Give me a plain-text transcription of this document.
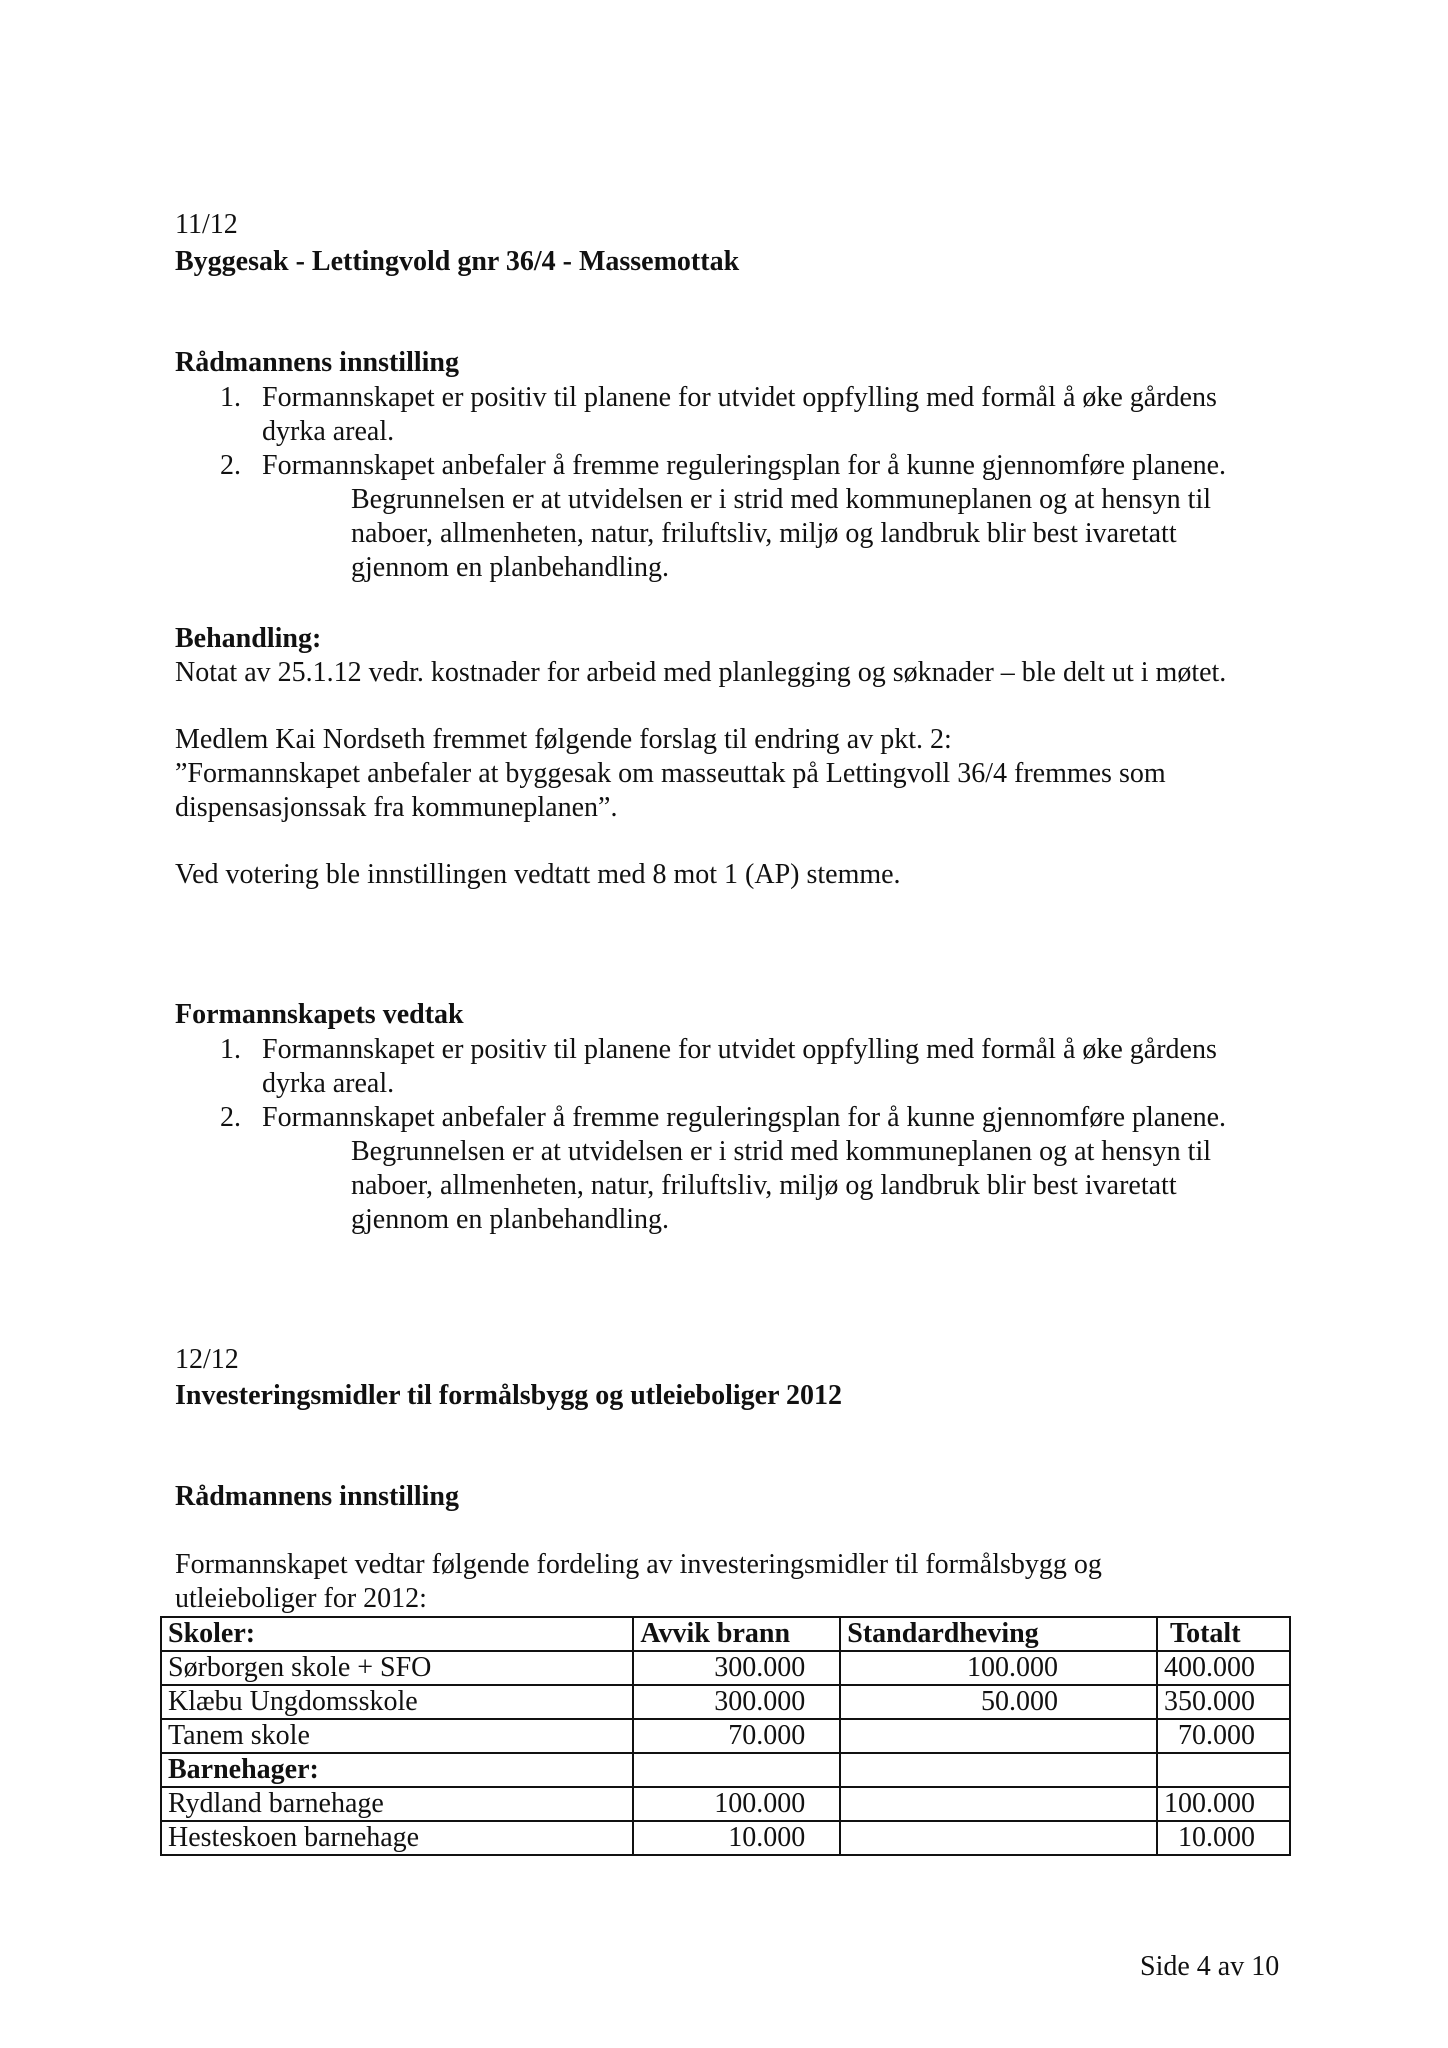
11/12
Byggesak - Lettingvold gnr 36/4 - Massemottak
Rådmannens innstilling
1. Formannskapet er positiv til planene for utvidet oppfylling med formål å øke gårdens
dyrka areal.
2. Formannskapet anbefaler å fremme reguleringsplan for å kunne gjennomføre planene.
Begrunnelsen er at utvidelsen er i strid med kommuneplanen og at hensyn til
naboer, allmenheten, natur, friluftsliv, miljø og landbruk blir best ivaretatt
gjennom en planbehandling.
Behandling:
Notat av 25.1.12 vedr. kostnader for arbeid med planlegging og søknader – ble delt ut i møtet.
Medlem Kai Nordseth fremmet følgende forslag til endring av pkt. 2:
”Formannskapet anbefaler at byggesak om masseuttak på Lettingvoll 36/4 fremmes som
dispensasjonssak fra kommuneplanen”.
Ved votering ble innstillingen vedtatt med 8 mot 1 (AP) stemme.
Formannskapets vedtak
1. Formannskapet er positiv til planene for utvidet oppfylling med formål å øke gårdens
dyrka areal.
2. Formannskapet anbefaler å fremme reguleringsplan for å kunne gjennomføre planene.
Begrunnelsen er at utvidelsen er i strid med kommuneplanen og at hensyn til
naboer, allmenheten, natur, friluftsliv, miljø og landbruk blir best ivaretatt
gjennom en planbehandling.
12/12
Investeringsmidler til formålsbygg og utleieboliger 2012
Rådmannens innstilling
Formannskapet vedtar følgende fordeling av investeringsmidler til formålsbygg og
utleieboliger for 2012:
Skoler:	Avvik brann	Standardheving	Totalt
Sørborgen skole + SFO	300.000	100.000	400.000
Klæbu Ungdomsskole	300.000	50.000	350.000
Tanem skole	70.000		70.000
Barnehager:			
Rydland barnehage	100.000		100.000
Hesteskoen barnehage	10.000		10.000
Side 4 av 10
